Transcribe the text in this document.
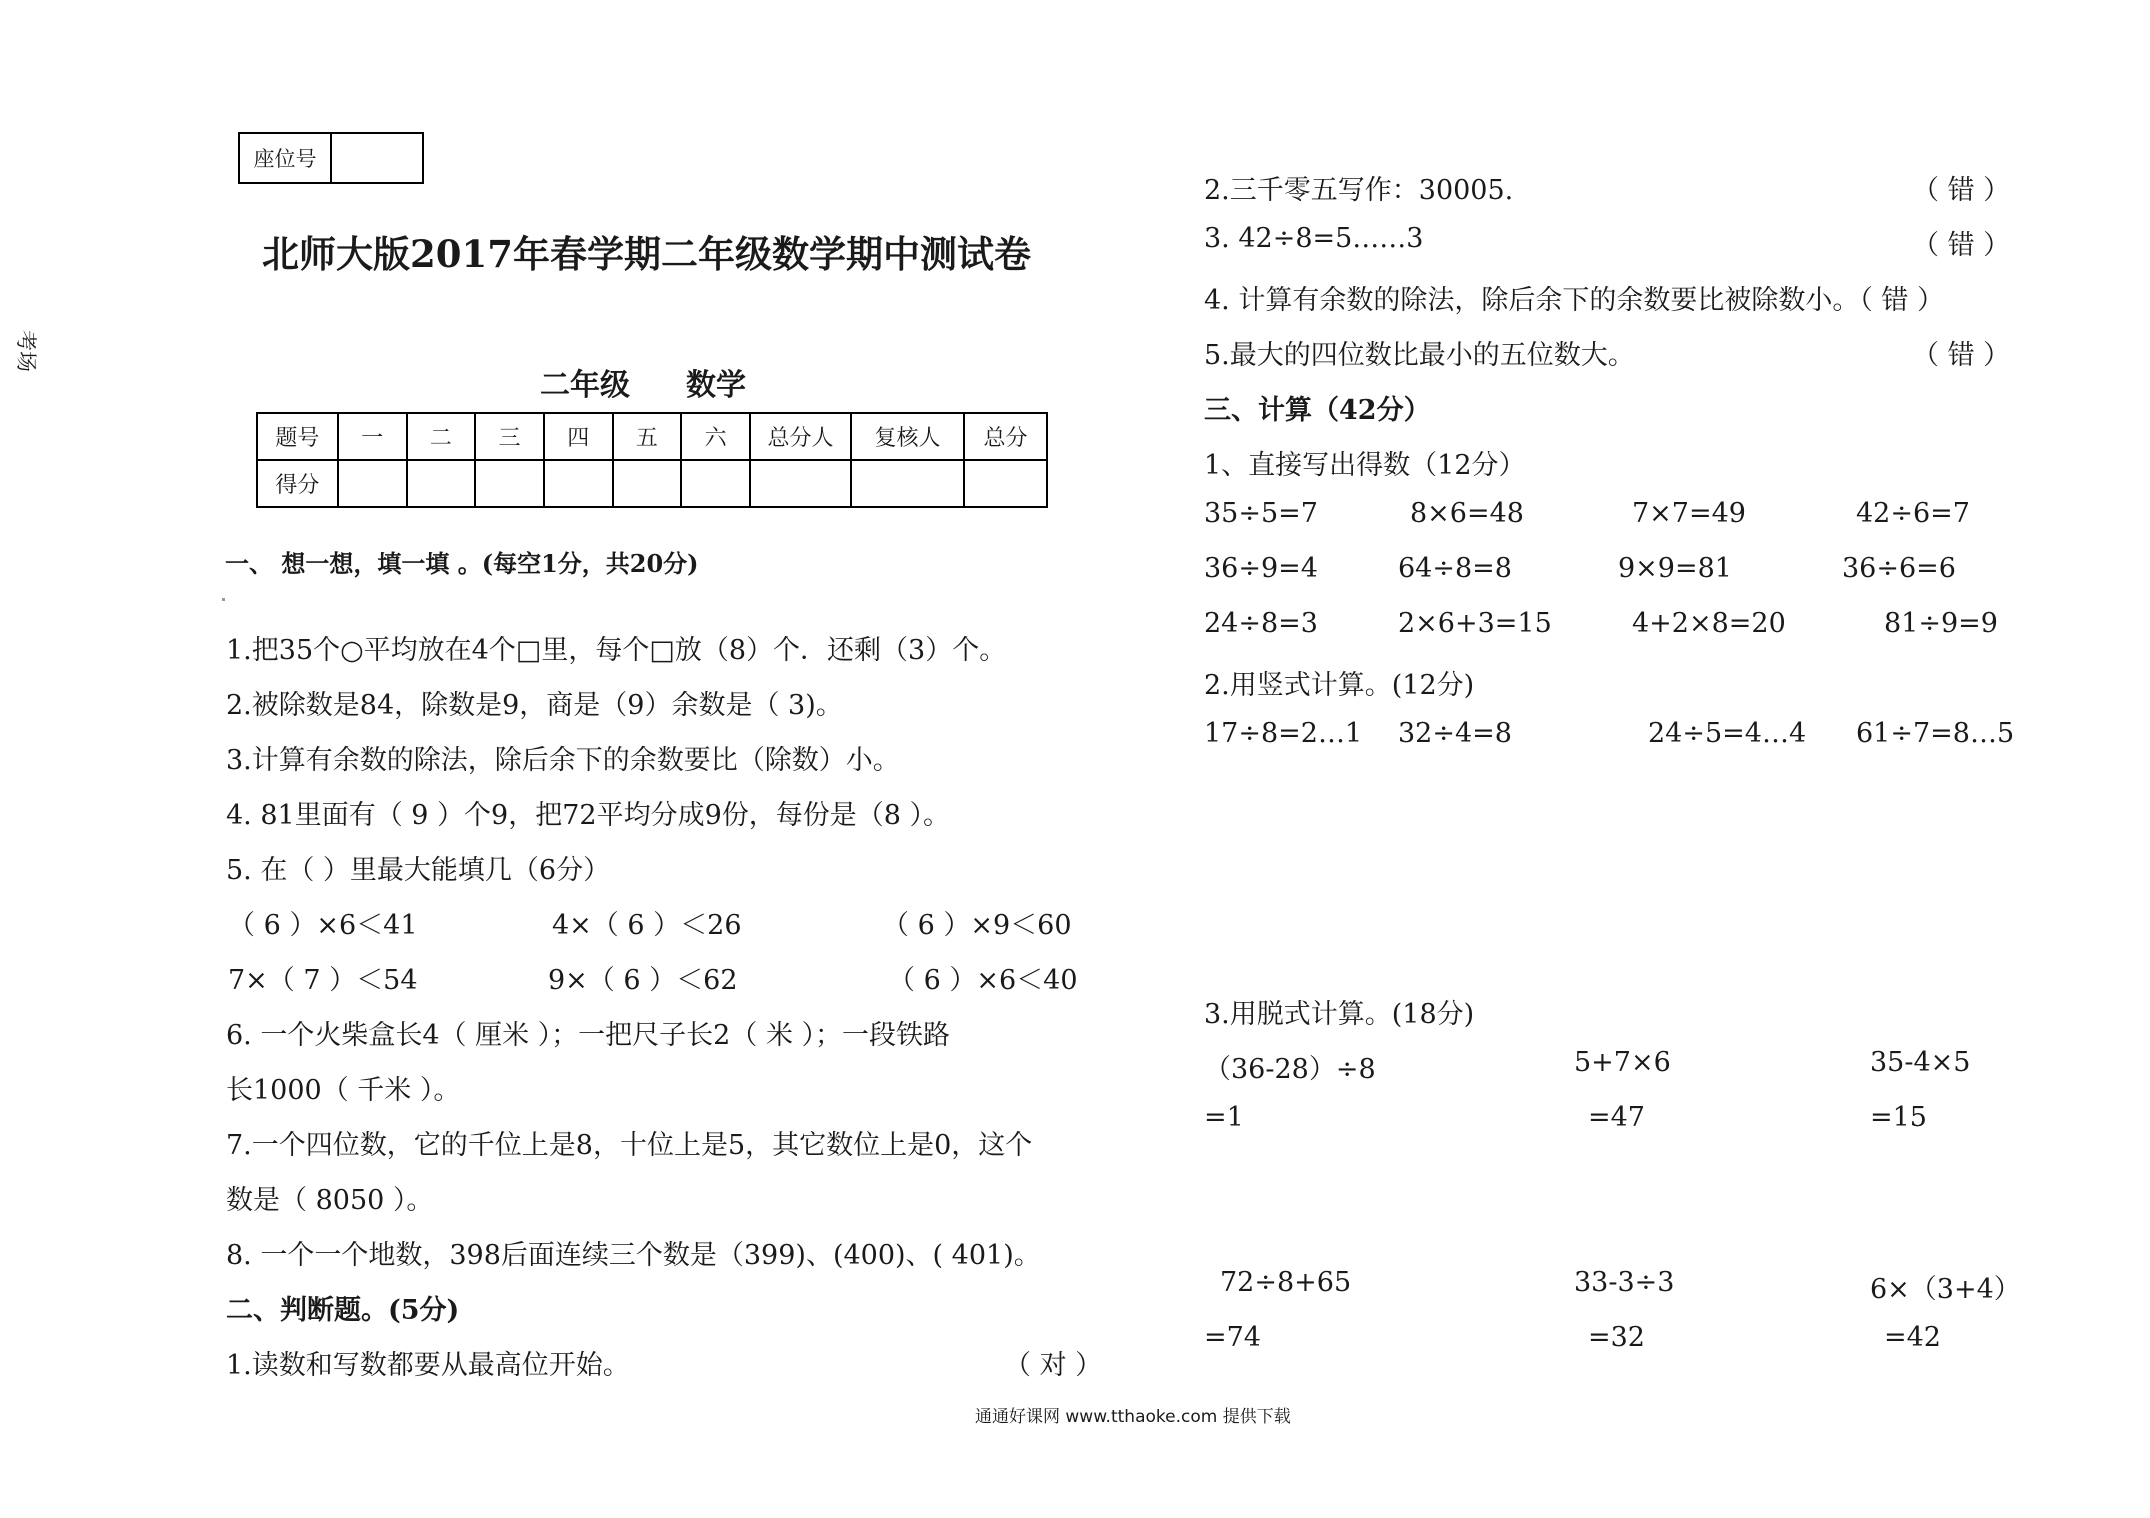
座位号
考场
北师大版2017年春学期二年级数学期中测试卷
二年级 数学
题号	一	二	三	四	五	六	总分人	复核人	总分
得分									
一、 想一想，填一填 。(每空1分，共20分)
1.把35个○平均放在4个□里，每个□放（8）个．还剩（3）个。
2.被除数是84，除数是9，商是（9）余数是（ 3)。
3.计算有余数的除法，除后余下的余数要比（除数）小。
4. 81里面有（ 9 ）个9，把72平均分成9份，每份是（8 ）。
5. 在（ ）里最大能填几（6分）
（ 6 ）×6＜41	4×（ 6 ）＜26	（ 6 ）×9＜60
7×（ 7 ）＜54	9×（ 6 ）＜62	（ 6 ）×6＜40
6. 一个火柴盒长4（ 厘米 ）；一把尺子长2（ 米 ）；一段铁路
长1000（ 千米 ）。
7.一个四位数，它的千位上是8，十位上是5，其它数位上是0，这个
数是（ 8050 ）。
8. 一个一个地数，398后面连续三个数是（399)、(400)、( 401)。
二、判断题。(5分)
1.读数和写数都要从最高位开始。	（ 对 ）
2.三千零五写作：30005.	（ 错 ）
3. 42÷8=5……3	（ 错 ）
4. 计算有余数的除法，除后余下的余数要比被除数小。（ 错 ）
5.最大的四位数比最小的五位数大。	（ 错 ）
三、计算（42分）
1、直接写出得数（12分）
35÷5=7	8×6=48	7×7=49	42÷6=7
36÷9=4	64÷8=8	9×9=81	36÷6=6
24÷8=3	2×6+3=15	4+2×8=20	81÷9=9
2.用竖式计算。(12分)
17÷8=2…1 32÷4=8	24÷5=4…4 61÷7=8…5
3.用脱式计算。(18分)
（36-28）÷8	5+7×6	35-4×5
=1	=47	=15
72÷8+65	33-3÷3	6×（3+4）
=74	=32	=42
通通好课网 www.tthaoke.com 提供下载
